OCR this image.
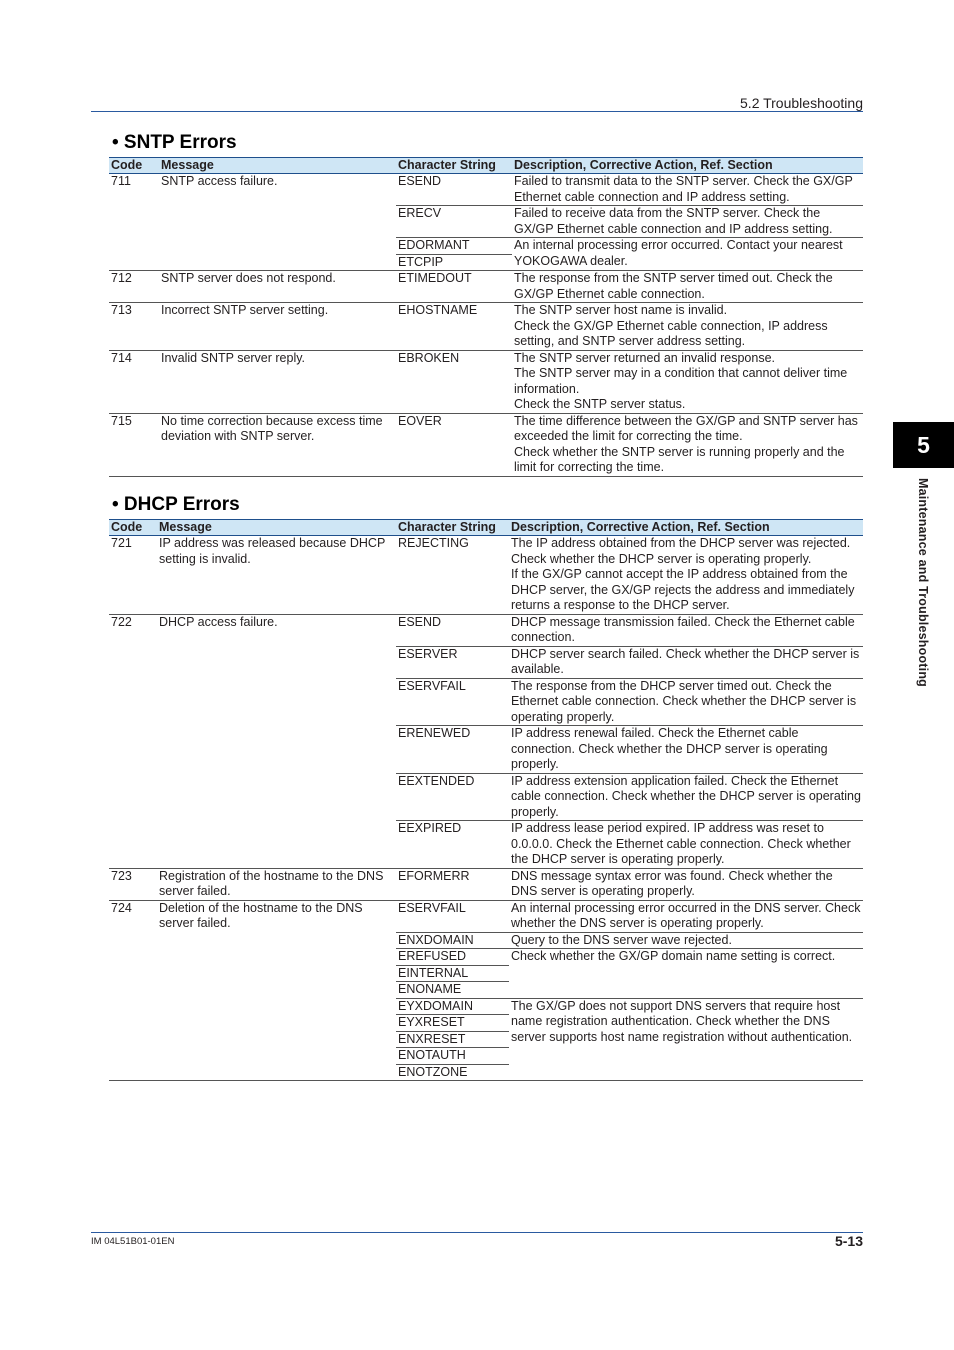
5.2 Troubleshooting
• SNTP Errors
Code	Message	Character String	Description, Corrective Action, Ref. Section
711	SNTP access failure.	ESEND	Failed to transmit data to the SNTP server. Check the GX/GP Ethernet cable connection and IP address setting.
		ERECV	Failed to receive data from the SNTP server. Check the GX/GP Ethernet cable connection and IP address setting.
		EDORMANT	An internal processing error occurred. Contact your nearest YOKOGAWA dealer.
		ETCPIP	
712	SNTP server does not respond.	ETIMEDOUT	The response from the SNTP server timed out. Check the GX/GP Ethernet cable connection.
713	Incorrect SNTP server setting.	EHOSTNAME	The SNTP server host name is invalid.
Check the GX/GP Ethernet cable connection, IP address setting, and SNTP server address setting.

714	Invalid SNTP server reply.	EBROKEN	The SNTP server returned an invalid response.
The SNTP server may in a condition that cannot deliver time information.
Check the SNTP server status.

715	No time correction because excess time deviation with SNTP server.	EOVER	The time difference between the GX/GP and SNTP server has exceeded the limit for correcting the time.
Check whether the SNTP server is running properly and the limit for correcting the time.
• DHCP Errors
Code	Message	Character String	Description, Corrective Action, Ref. Section
721	IP address was released because DHCP setting is invalid.	REJECTING	The IP address obtained from the DHCP server was rejected.
Check whether the DHCP server is operating properly.
If the GX/GP cannot accept the IP address obtained from the DHCP server, the GX/GP rejects the address and immediately returns a response to the DHCP server.

722	DHCP access failure.	ESEND	DHCP message transmission failed. Check the Ethernet cable connection.
		ESERVER	DHCP server search failed. Check whether the DHCP server is available.
		ESERVFAIL	The response from the DHCP server timed out. Check the Ethernet cable connection. Check whether the DHCP server is operating properly.
		ERENEWED	IP address renewal failed. Check the Ethernet cable connection. Check whether the DHCP server is operating properly.
		EEXTENDED	IP address extension application failed. Check the Ethernet cable connection. Check whether the DHCP server is operating properly.
		EEXPIRED	IP address lease period expired. IP address was reset to 0.0.0.0. Check the Ethernet cable connection. Check whether the DHCP server is operating properly.
723	Registration of the hostname to the DNS server failed.	EFORMERR	DNS message syntax error was found. Check whether the DNS server is operating properly.
724	Deletion of the hostname to the DNS server failed.	ESERVFAIL	An internal processing error occurred in the DNS server. Check whether the DNS server is operating properly.
		ENXDOMAIN	Query to the DNS server wave rejected.
		EREFUSED	Check whether the GX/GP domain name setting is correct.
		EINTERNAL	
		ENONAME	
		EYXDOMAIN	The GX/GP does not support DNS servers that require host name registration authentication. Check whether the DNS server supports host name registration without authentication.
		EYXRESET	
		ENXRESET	
		ENOTAUTH	
		ENOTZONE	
5
Maintenance and Troubleshooting
IM 04L51B01-01EN	5-13
